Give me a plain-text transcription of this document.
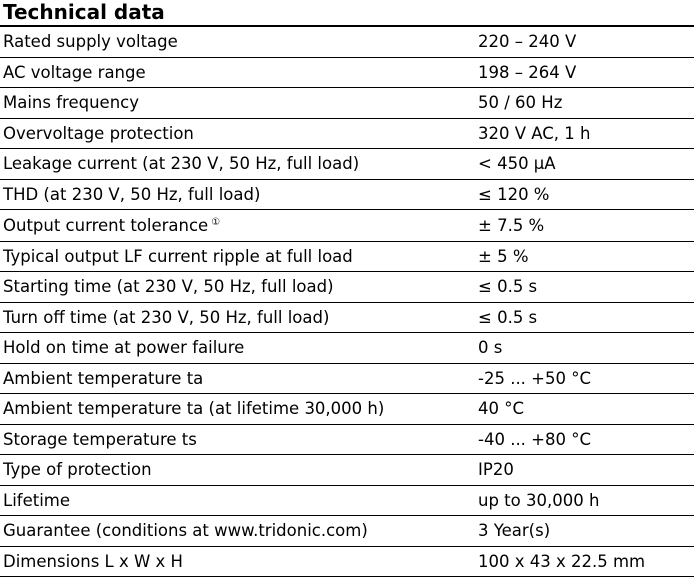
Technical data
Rated supply voltage	220 – 240 V
AC voltage range	198 – 264 V
Mains frequency	50 / 60 Hz
Overvoltage protection	320 V AC, 1 h
Leakage current (at 230 V, 50 Hz, full load)	< 450 µA
THD (at 230 V, 50 Hz, full load)	≤ 120 %
Output current tolerance ①	± 7.5 %
Typical output LF current ripple at full load	± 5 %
Starting time (at 230 V, 50 Hz, full load)	≤ 0.5 s
Turn off time (at 230 V, 50 Hz, full load)	≤ 0.5 s
Hold on time at power failure	0 s
Ambient temperature ta	-25 ... +50 °C
Ambient temperature ta (at lifetime 30,000 h)	40 °C
Storage temperature ts	-40 ... +80 °C
Type of protection	IP20
Lifetime	up to 30,000 h
Guarantee (conditions at www.tridonic.com)	3 Year(s)
Dimensions L x W x H	100 x 43 x 22.5 mm
